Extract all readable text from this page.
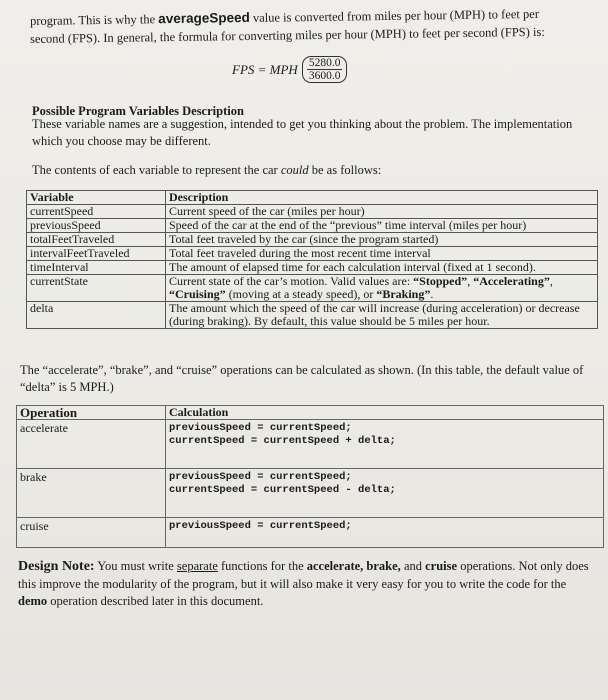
program. This is why the averageSpeed value is converted from miles per hour (MPH) to feet per

second (FPS). In general, the formula for converting miles per hour (MPH) to feet per second (FPS) is:

FPS = MPH $\frac{5280.0}{3600.0}$

Possible Program Variables Description

These variable names are a suggestion, intended to get you thinking about the problem. The implementation which you choose may be different.

The contents of each variable to represent the car could be as follows:

Variable	Description
currentSpeed	Current speed of the car (miles per hour)
previousSpeed	Speed of the car at the end of the “previous” time interval (miles per hour)
totalFeetTraveled	Total feet traveled by the car (since the program started)
intervalFeetTraveled	Total feet traveled during the most recent time interval
timeInterval	The amount of elapsed time for each calculation interval (fixed at 1 second).
currentState	Current state of the car’s motion. Valid values are: “Stopped”, “Accelerating”, “Cruising” (moving at a steady speed), or “Braking”.
delta	The amount which the speed of the car will increase (during acceleration) or decrease (during braking). By default, this value should be 5 miles per hour.

The “accelerate”, “brake”, and “cruise” operations can be calculated as shown. (In this table, the default value of “delta” is 5 MPH.)

Operation	Calculation
accelerate	previousSpeed = currentSpeed;
currentSpeed = currentSpeed + delta;

brake	previousSpeed = currentSpeed;
currentSpeed = currentSpeed - delta;

cruise	previousSpeed = currentSpeed;

Design Note: You must write separate functions for the accelerate, brake, and cruise operations. Not only does this improve the modularity of the program, but it will also make it very easy for you to write the code for the demo operation described later in this document.
